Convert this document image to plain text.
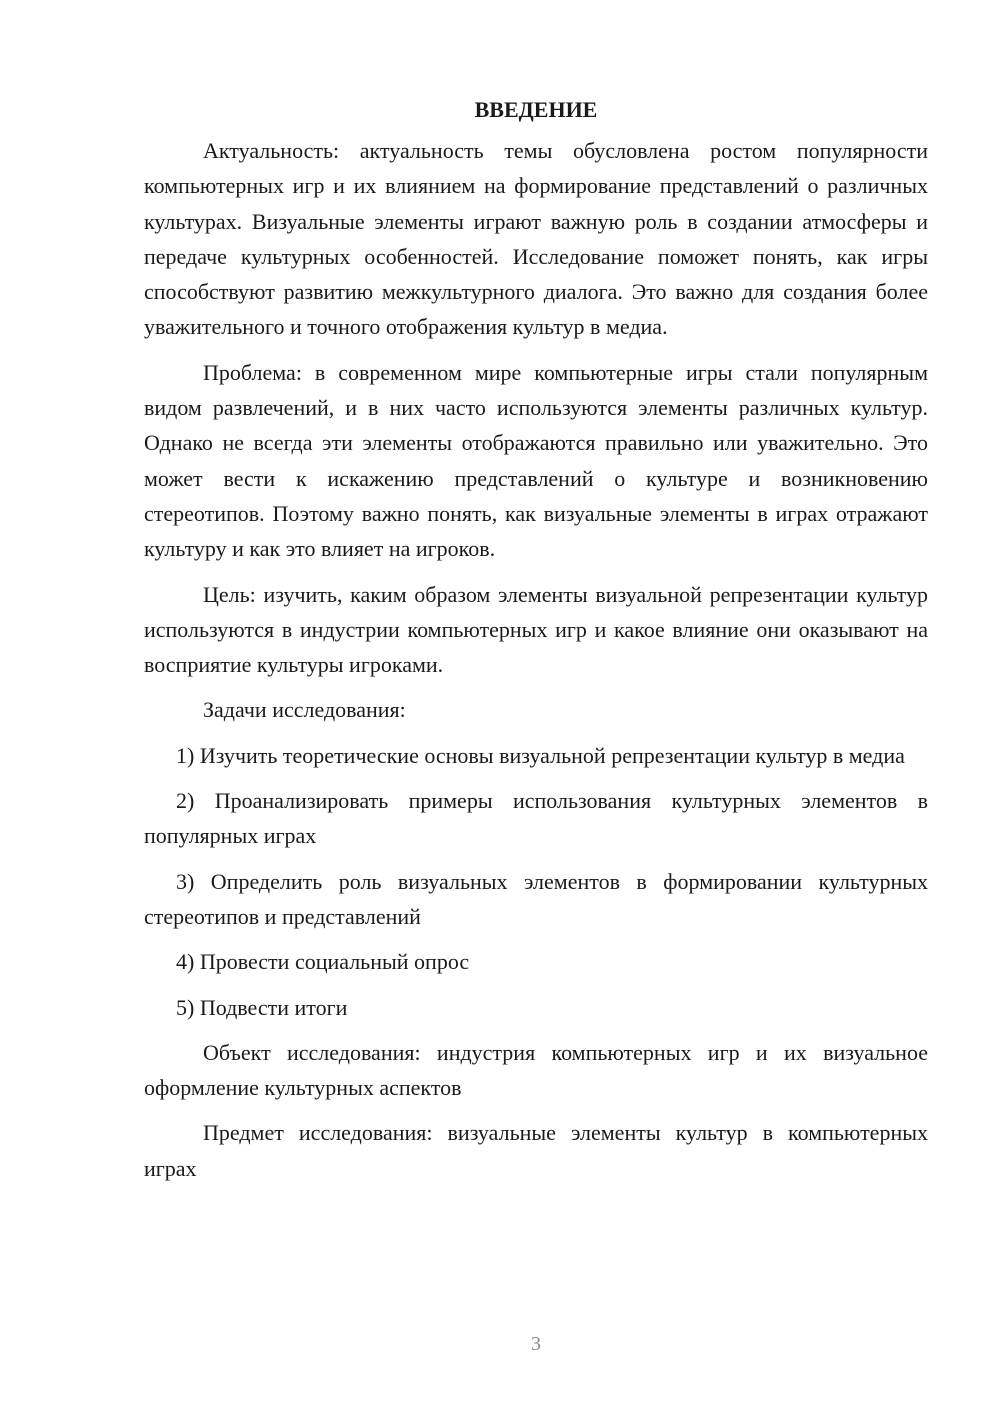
ВВЕДЕНИЕ

Актуальность: актуальность темы обусловлена ростом популярности компьютерных игр и их влиянием на формирование представлений о различных культурах. Визуальные элементы играют важную роль в создании атмосферы и передаче культурных особенностей. Исследование поможет понять, как игры способствуют развитию межкультурного диалога. Это важно для создания более уважительного и точного отображения культур в медиа.

Проблема: в современном мире компьютерные игры стали популярным видом развлечений, и в них часто используются элементы различных культур. Однако не всегда эти элементы отображаются правильно или уважительно. Это может вести к искажению представлений о культуре и возникновению стереотипов. Поэтому важно понять, как визуальные элементы в играх отражают культуру и как это влияет на игроков.

Цель: изучить, каким образом элементы визуальной репрезентации культур используются в индустрии компьютерных игр и какое влияние они оказывают на восприятие культуры игроками.

Задачи исследования:

1) Изучить теоретические основы визуальной репрезентации культур в медиа

2) Проанализировать примеры использования культурных элементов в популярных играх

3) Определить роль визуальных элементов в формировании культурных стереотипов и представлений

4) Провести социальный опрос

5) Подвести итоги

Объект исследования: индустрия компьютерных игр и их визуальное оформление культурных аспектов

Предмет исследования: визуальные элементы культур в компьютерных играх

3
